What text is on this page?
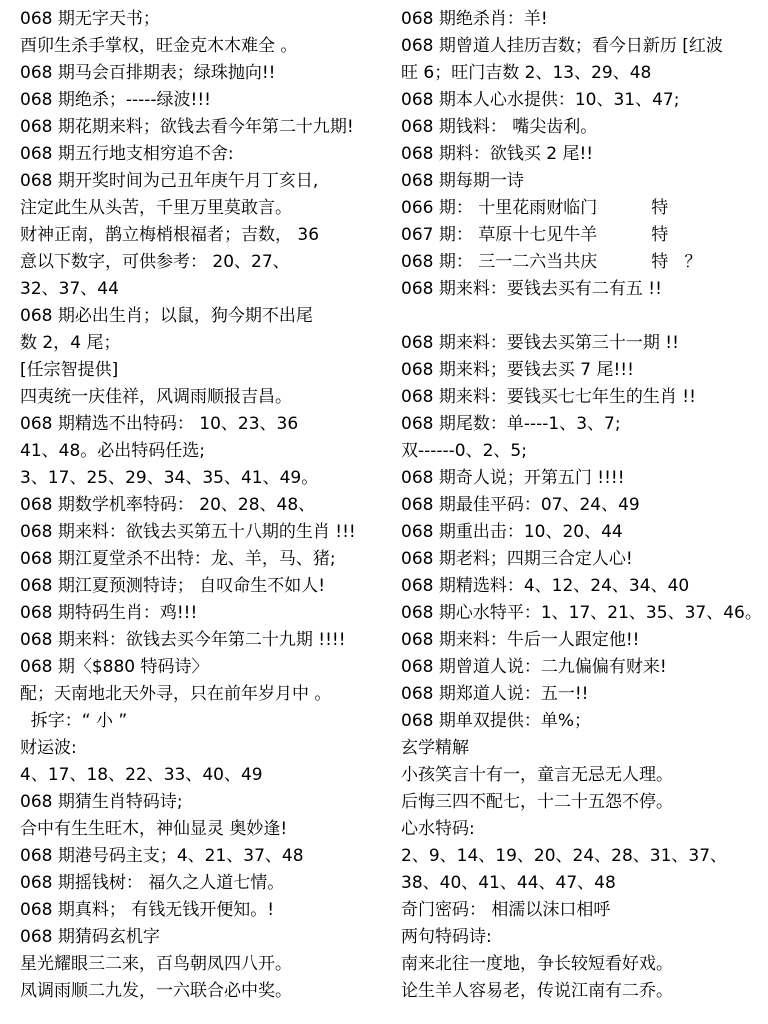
068 期无字天书；
酉卯生杀手掌权，旺金克木木难全 。
068 期马会百排期表；绿珠抛向!!
068 期绝杀；-----绿波!!!
068 期花期来料；欲钱去看今年第二十九期!
068 期五行地支相穷追不舍:
068 期开奖时间为己丑年庚午月丁亥日,
注定此生从头苦，千里万里莫敢言。
财神正南，鹊立梅梢根福者；吉数， 36
意以下数字，可供参考： 20、27、
32、37、44
068 期必出生肖；以鼠，狗今期不出尾
数 2，4 尾；
[任宗智提供]
四夷统一庆佳祥，风调雨顺报吉昌。
068 期精选不出特码： 10、23、36
41、48。必出特码任选;
3、17、25、29、34、35、41、49。
068 期数学机率特码： 20、28、48、
068 期来料：欲钱去买第五十八期的生肖 !!!
068 期江夏堂杀不出特：龙、羊，马、猪;
068 期江夏预测特诗； 自叹命生不如人!
068 期特码生肖：鸡!!!
068 期来料：欲钱去买今年第二十九期 !!!!
068 期〈$880 特码诗〉
配；天南地北天外寻，只在前年岁月中 。
拆字：“ 小 ”
财运波:
4、17、18、22、33、40、49
068 期猜生肖特码诗;
合中有生生旺木，神仙显灵 奥妙逢!
068 期港号码主支；4、21、37、48
068 期摇钱树： 福久之人道七情。
068 期真料； 有钱无钱开便知。!
068 期猜码玄机字
星光耀眼三二来，百鸟朝凤四八开。
凤调雨顺二九发，一六联合必中奖。
068 期绝杀肖：羊!
068 期曾道人挂历吉数；看今日新历 [红波
旺 6；旺门吉数 2、13、29、48
068 期本人心水提供：10、31、47;
068 期钱料： 嘴尖齿利。
068 期料：欲钱买 2 尾!!
068 期每期一诗
066 期： 十里花雨财临门          特
067 期： 草原十七见牛羊          特
068 期： 三一二六当共庆          特   ？
068 期来料：要钱去买有二有五 !!
068 期来料：要钱去买第三十一期 !!
068 期来料；要钱去买 7 尾!!!
068 期来料：要钱买七七年生的生肖 !!
068 期尾数：单----1、3、7;
双------0、2、5;
068 期奇人说；开第五门 !!!!
068 期最佳平码：07、24、49
068 期重出击：10、20、44
068 期老料；四期三合定人心!
068 期精选料：4、12、24、34、40
068 期心水特平：1、17、21、35、37、46。
068 期来料：牛后一人跟定他!!
068 期曾道人说：二九偏偏有财来!
068 期郑道人说：五一!!
068 期单双提供：单%；
玄学精解
小孩笑言十有一，童言无忌无人理。
后悔三四不配七，十二十五怨不停。
心水特码:
2、9、14、19、20、24、28、31、37、
38、40、41、44、47、48
奇门密码： 相濡以沫口相呼
两句特码诗:
南来北往一度地，争长较短看好戏。
论生羊人容易老，传说江南有二乔。
